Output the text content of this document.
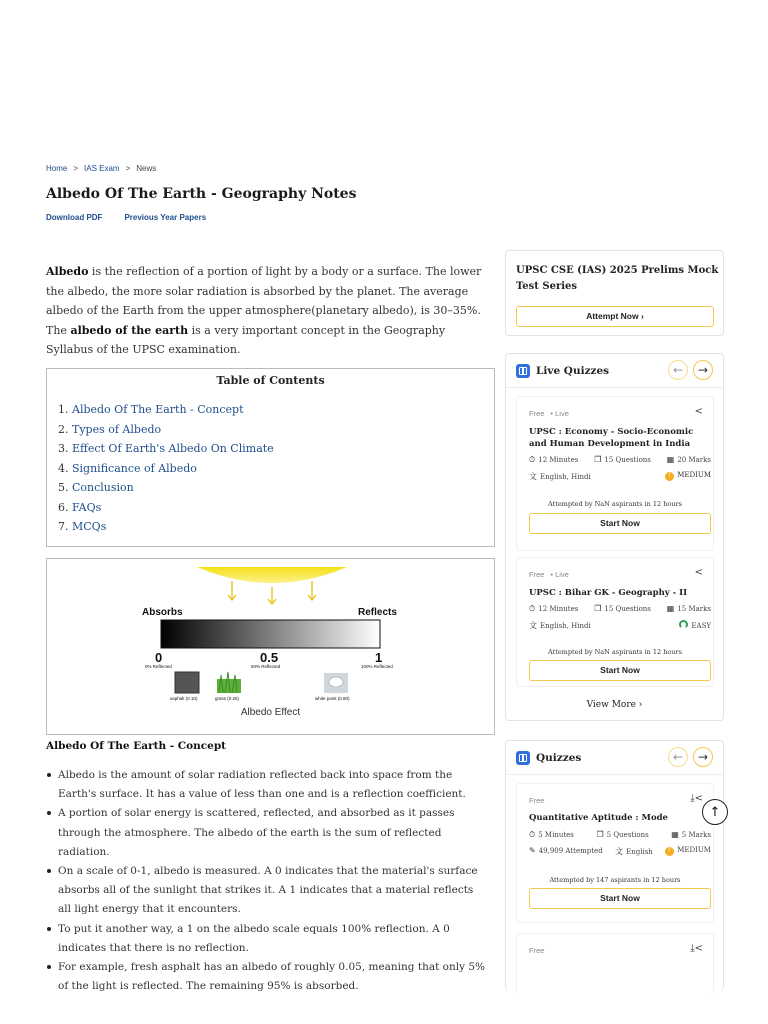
Home > IAS Exam > News
Albedo Of The Earth - Geography Notes
Download PDF	Previous Year Papers

Albedo is the reflection of a portion of light by a body or a surface. The lower the albedo, the more solar radiation is absorbed by the planet. The average albedo of the Earth from the upper atmosphere(planetary albedo), is 30–35%. The albedo of the earth is a very important concept in the Geography Syllabus of the UPSC examination.

Table of Contents
1. Albedo Of The Earth - Concept
2. Types of Albedo
3. Effect Of Earth's Albedo On Climate
4. Significance of Albedo
5. Conclusion
6. FAQs
7. MCQs
Absorbs	Reflects
0	0.5	1
0% Reflected	50% Reflected	100% Reflected
asphalt (0.10)	grass (0.25)	white paint (0.80)
Albedo Effect
Albedo Of The Earth - Concept
Albedo is the amount of solar radiation reflected back into space from the Earth's surface. It has a value of less than one and is a reflection coefficient.
A portion of solar energy is scattered, reflected, and absorbed as it passes through the atmosphere. The albedo of the earth is the sum of reflected radiation.
On a scale of 0-1, albedo is measured. A 0 indicates that the material's surface absorbs all of the sunlight that strikes it. A 1 indicates that a material reflects all light energy that it encounters.
To put it another way, a 1 on the albedo scale equals 100% reflection. A 0 indicates that there is no reflection.
For example, fresh asphalt has an albedo of roughly 0.05, meaning that only 5% of the light is reflected. The remaining 95% is absorbed.
UPSC CSE (IAS) 2025 Prelims Mock Test Series
Attempt Now ›
Live Quizzes	←	→
Free • Live	<
UPSC : Economy - Socio-Economic and Human Development in India
⏱ 12 Minutes ❐ 15 Questions ▦ 20 Marks
文 English, Hindi	! MEDIUM
Attempted by NaN aspirants in 12 hours
Start Now
Free • Live	<
UPSC : Bihar GK - Geography - II
⏱ 12 Minutes ❐ 15 Questions ▦ 15 Marks
文 English, Hindi	EASY
Attempted by NaN aspirants in 12 hours
Start Now
View More ›
Quizzes	←	→
Free	⤓<
Quantitative Aptitude : Mode
⏱ 5 Minutes	❐ 5 Questions	▦ 5 Marks
✎ 49,909 Attempted 文 English	! MEDIUM
Attempted by 147 aspirants in 12 hours
Start Now
Free	⤓<
↑
